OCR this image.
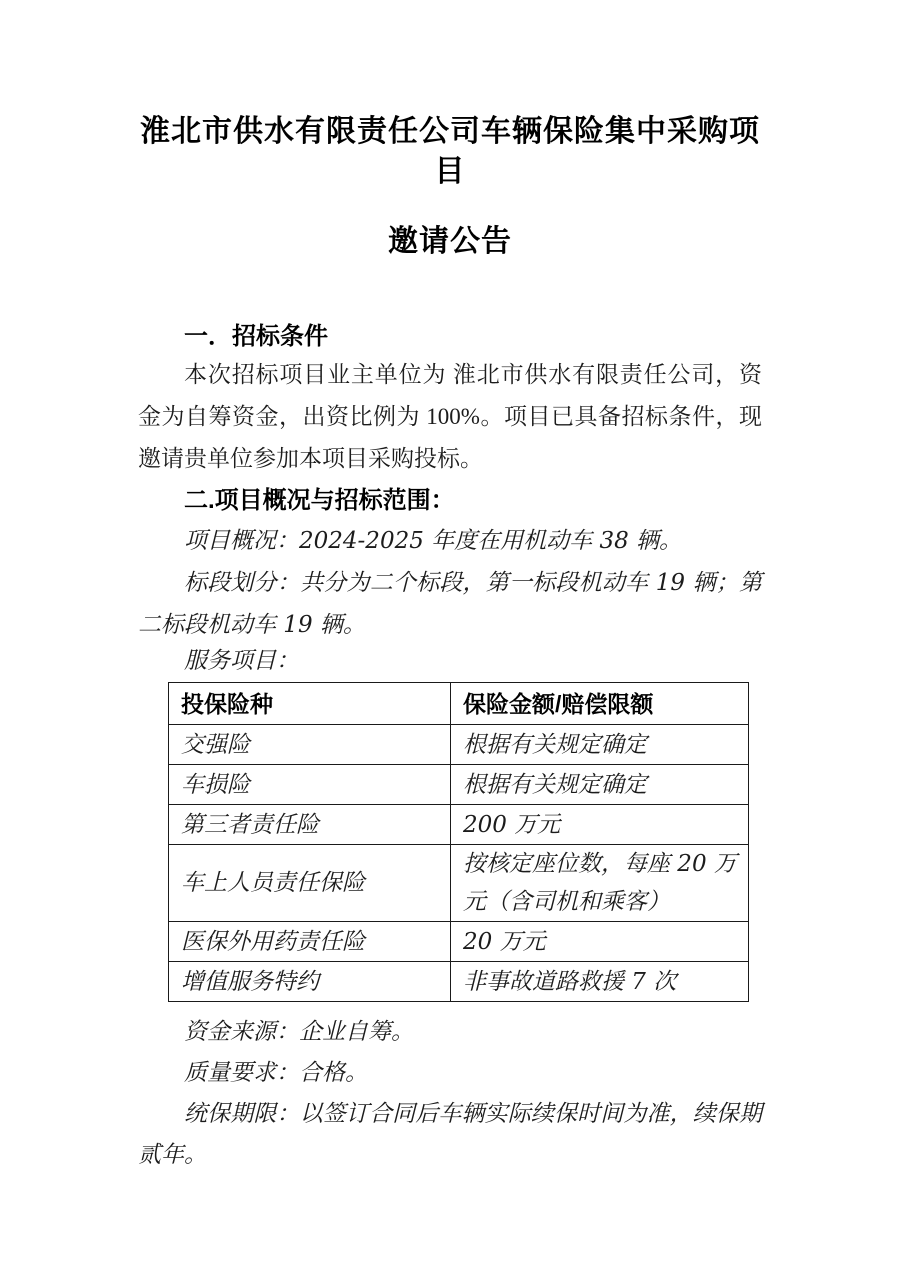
淮北市供水有限责任公司车辆保险集中采购项目
邀请公告
一．招标条件

本次招标项目业主单位为 淮北市供水有限责任公司，资金为自筹资金，出资比例为 100%。项目已具备招标条件，现邀请贵单位参加本项目采购投标。

二.项目概况与招标范围：

项目概况：2024-2025 年度在用机动车 38 辆。

标段划分：共分为二个标段，第一标段机动车 19 辆；第二标段机动车 19 辆。

服务项目：

投保险种	保险金额/赔偿限额
交强险	根据有关规定确定
车损险	根据有关规定确定
第三者责任险	200 万元
车上人员责任保险	按核定座位数，每座 20 万元（含司机和乘客）
医保外用药责任险	20 万元
增值服务特约	非事故道路救援 7 次

资金来源：企业自筹。

质量要求：合格。

统保期限：以签订合同后车辆实际续保时间为准，续保期贰年。
